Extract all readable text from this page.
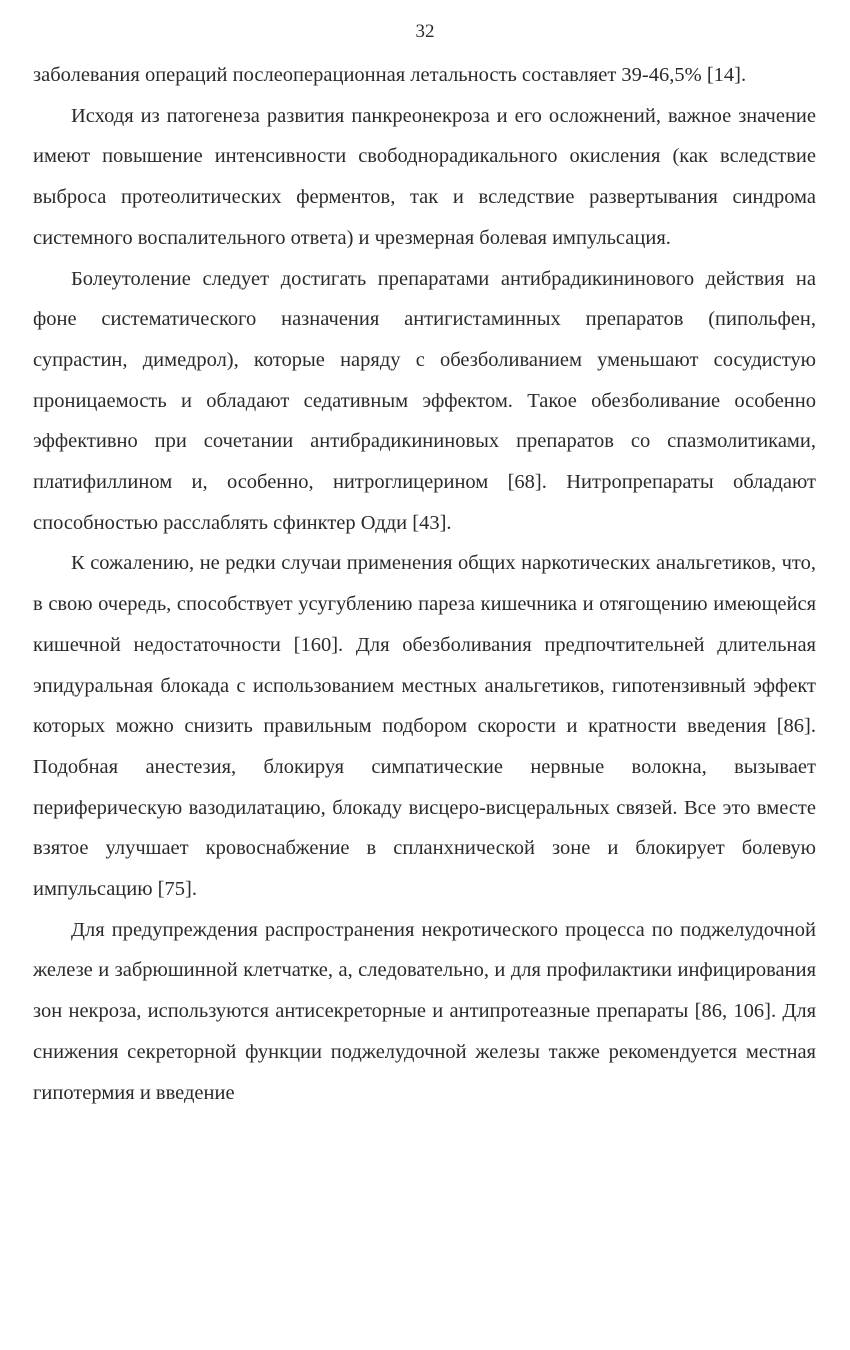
32

заболевания операций послеоперационная летальность составляет 39-46,5% [14].

Исходя из патогенеза развития панкреонекроза и его осложнений, важное значение имеют повышение интенсивности свободнорадикального окисления (как вследствие выброса протеолитических ферментов, так и вследствие развертывания синдрома системного воспалительного ответа) и чрезмерная болевая импульсация.

Болеутоление следует достигать препаратами антибрадикининового действия на фоне систематического назначения антигистаминных препаратов (пипольфен, супрастин, димедрол), которые наряду с обезболиванием уменьшают сосудистую проницаемость и обладают седативным эффектом. Такое обезболивание особенно эффективно при сочетании антибрадикининовых препаратов со спазмолитиками, платифиллином и, особенно, нитроглицерином [68]. Нитропрепараты обладают способностью расслаблять сфинктер Одди [43].

К сожалению, не редки случаи применения общих наркотических анальгетиков, что, в свою очередь, способствует усугублению пареза кишечника и отягощению имеющейся кишечной недостаточности [160]. Для обезболивания предпочтительней длительная эпидуральная блокада с использованием местных анальгетиков, гипотензивный эффект которых можно снизить правильным подбором скорости и кратности введения [86]. Подобная анестезия, блокируя симпатические нервные волокна, вызывает периферическую вазодилатацию, блокаду висцеро-висцеральных связей. Все это вместе взятое улучшает кровоснабжение в спланхнической зоне и блокирует болевую импульсацию [75].

Для предупреждения распространения некротического процесса по поджелудочной железе и забрюшинной клетчатке, а, следовательно, и для профилактики инфицирования зон некроза, используются антисекреторные и антипротеазные препараты [86, 106]. Для снижения секреторной функции поджелудочной железы также рекомендуется местная гипотермия и введение
